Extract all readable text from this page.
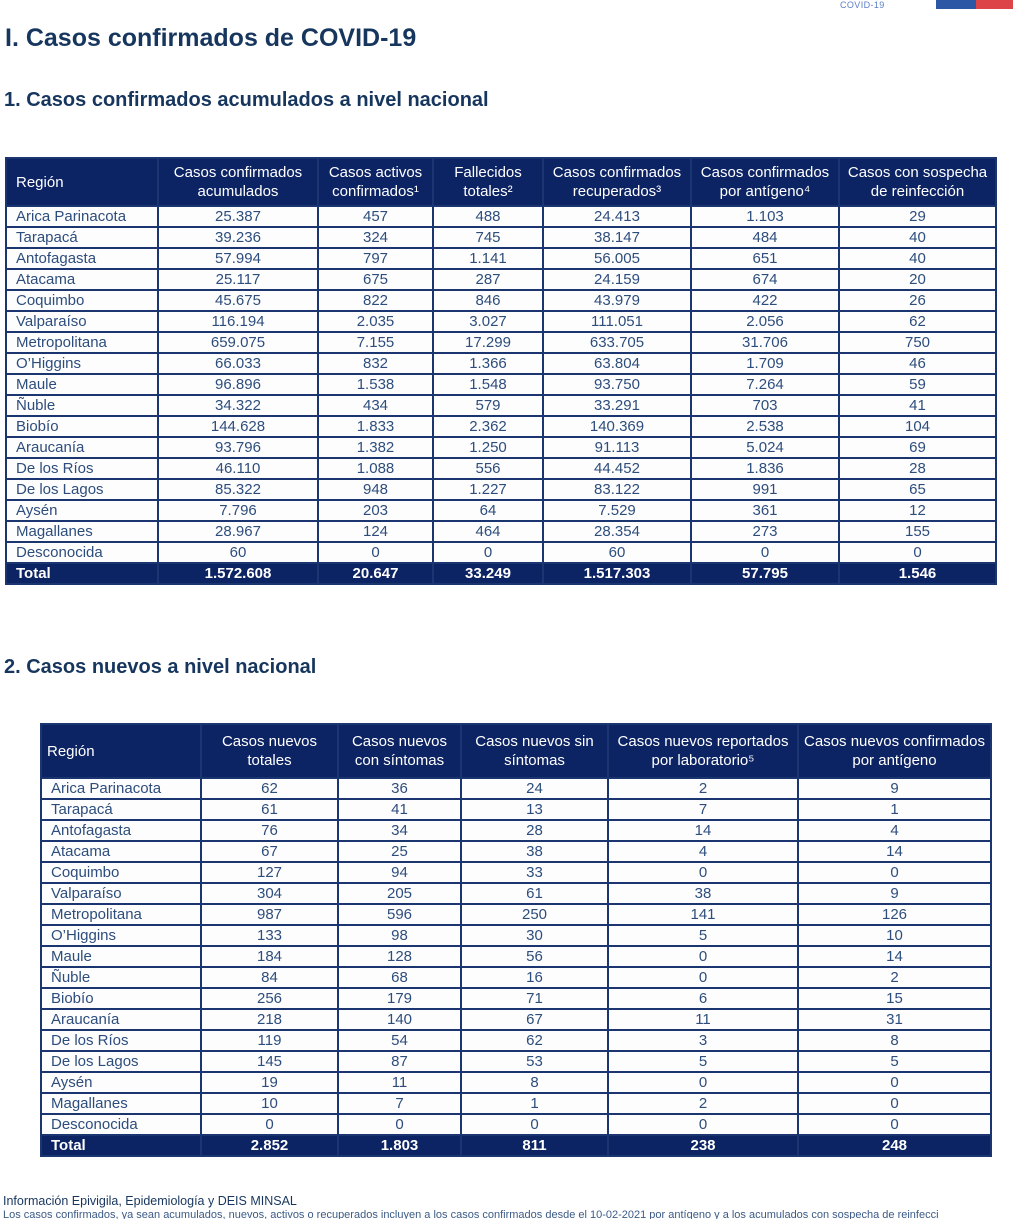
COVID-19
I. Casos confirmados de COVID-19
1. Casos confirmados acumulados a nivel nacional
Región	Casos confirmados acumulados	Casos activos confirmados¹	Fallecidos totales²	Casos confirmados recuperados³	Casos confirmados por antígeno⁴	Casos con sospecha de reinfección
Arica Parinacota	25.387	457	488	24.413	1.103	29
Tarapacá	39.236	324	745	38.147	484	40
Antofagasta	57.994	797	1.141	56.005	651	40
Atacama	25.117	675	287	24.159	674	20
Coquimbo	45.675	822	846	43.979	422	26
Valparaíso	116.194	2.035	3.027	111.051	2.056	62
Metropolitana	659.075	7.155	17.299	633.705	31.706	750
O’Higgins	66.033	832	1.366	63.804	1.709	46
Maule	96.896	1.538	1.548	93.750	7.264	59
Ñuble	34.322	434	579	33.291	703	41
Biobío	144.628	1.833	2.362	140.369	2.538	104
Araucanía	93.796	1.382	1.250	91.113	5.024	69
De los Ríos	46.110	1.088	556	44.452	1.836	28
De los Lagos	85.322	948	1.227	83.122	991	65
Aysén	7.796	203	64	7.529	361	12
Magallanes	28.967	124	464	28.354	273	155
Desconocida	60	0	0	60	0	0
Total	1.572.608	20.647	33.249	1.517.303	57.795	1.546
2. Casos nuevos a nivel nacional
Región	Casos nuevos totales	Casos nuevos con síntomas	Casos nuevos sin síntomas	Casos nuevos reportados por laboratorio⁵	Casos nuevos confirmados por antígeno
Arica Parinacota	62	36	24	2	9
Tarapacá	61	41	13	7	1
Antofagasta	76	34	28	14	4
Atacama	67	25	38	4	14
Coquimbo	127	94	33	0	0
Valparaíso	304	205	61	38	9
Metropolitana	987	596	250	141	126
O’Higgins	133	98	30	5	10
Maule	184	128	56	0	14
Ñuble	84	68	16	0	2
Biobío	256	179	71	6	15
Araucanía	218	140	67	11	31
De los Ríos	119	54	62	3	8
De los Lagos	145	87	53	5	5
Aysén	19	11	8	0	0
Magallanes	10	7	1	2	0
Desconocida	0	0	0	0	0
Total	2.852	1.803	811	238	248
Información Epivigila, Epidemiología y DEIS MINSAL
Los casos confirmados, ya sean acumulados, nuevos, activos o recuperados incluyen a los casos confirmados desde el 10-02-2021 por antígeno y a los acumulados con sospecha de reinfecci
